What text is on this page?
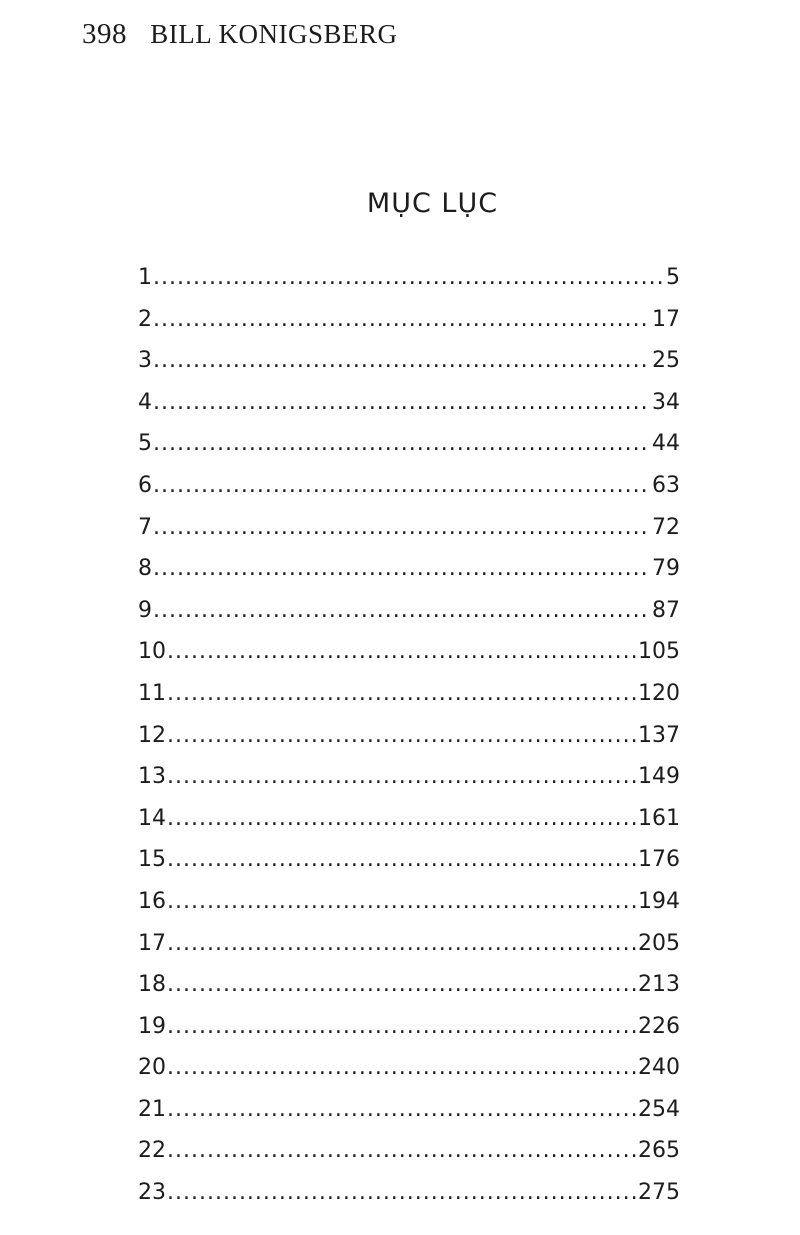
398 BILL KONIGSBERG
MỤC LỤC
1 .....	5
2 .....	17
3 .....	25
4 .....	34
5 .....	44
6 .....	63
7 .....	72
8 .....	79
9 .....	87
10 .....	105
11 .....	120
12 .....	137
13 .....	149
14 .....	161
15 .....	176
16 .....	194
17 .....	205
18 .....	213
19 .....	226
20 .....	240
21 .....	254
22 .....	265
23 .....	275
